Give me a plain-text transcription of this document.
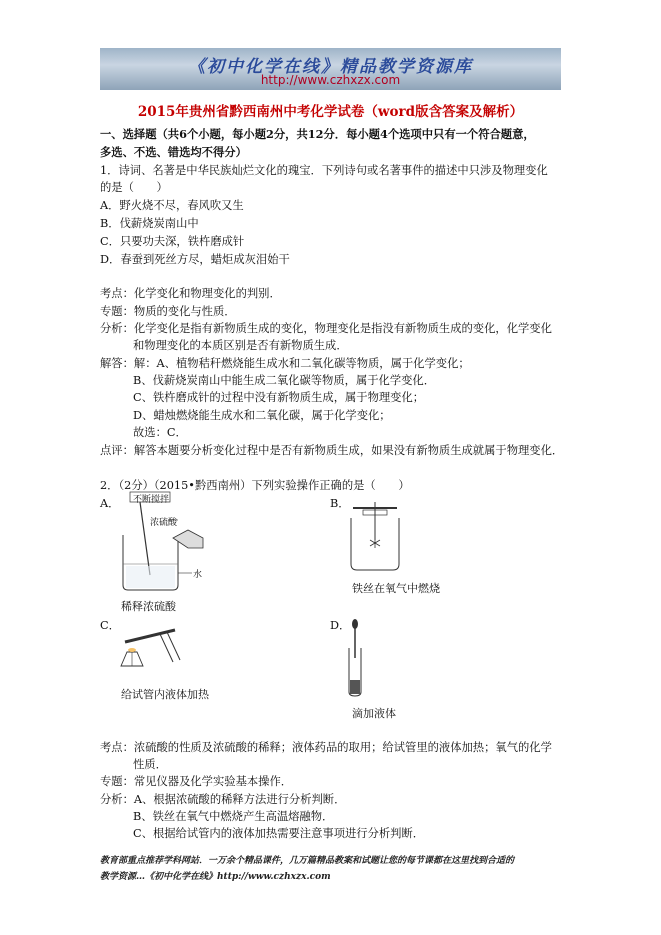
《初中化学在线》精品教学资源库
http://www.czhxzx.com
2015年贵州省黔西南州中考化学试卷（word版含答案及解析）
一、选择题（共6个小题，每小题2分，共12分．每小题4个选项中只有一个符合题意，
多选、不选、错选均不得分）
1．诗词、名著是中华民族灿烂文化的瑰宝．下列诗句或名著事件的描述中只涉及物理变化
的是（　　）
A．野火烧不尽，春风吹又生
B．伐薪烧炭南山中
C．只要功夫深，铁杵磨成针
D．春蚕到死丝方尽，蜡炬成灰泪始干
考点：化学变化和物理变化的判别．
专题：物质的变化与性质．
分析：化学变化是指有新物质生成的变化，物理变化是指没有新物质生成的变化，化学变化
和物理变化的本质区别是否有新物质生成．
解答：解：A、植物秸秆燃烧能生成水和二氧化碳等物质，属于化学变化；
B、伐薪烧炭南山中能生成二氧化碳等物质，属于化学变化．
C、铁杵磨成针的过程中没有新物质生成，属于物理变化；
D、蜡烛燃烧能生成水和二氧化碳，属于化学变化；
故选：C．
点评：解答本题要分析变化过程中是否有新物质生成，如果没有新物质生成就属于物理变化．
2．（2分）（2015•黔西南州）下列实验操作正确的是（　　）
A．	B．
不断搅拌
浓硫酸
水
稀释浓硫酸
铁丝在氧气中燃烧
C．	D．
给试管内液体加热
滴加液体
考点：浓硫酸的性质及浓硫酸的稀释；液体药品的取用；给试管里的液体加热；氧气的化学
性质．
专题：常见仪器及化学实验基本操作．
分析：A、根据浓硫酸的稀释方法进行分析判断．
B、铁丝在氧气中燃烧产生高温熔融物．
C、根据给试管内的液体加热需要注意事项进行分析判断．
教育部重点推荐学科网站．一万余个精品课件，几万篇精品教案和试题让您的每节课都在这里找到合适的
教学资源…《初中化学在线》http://www.czhxzx.com
